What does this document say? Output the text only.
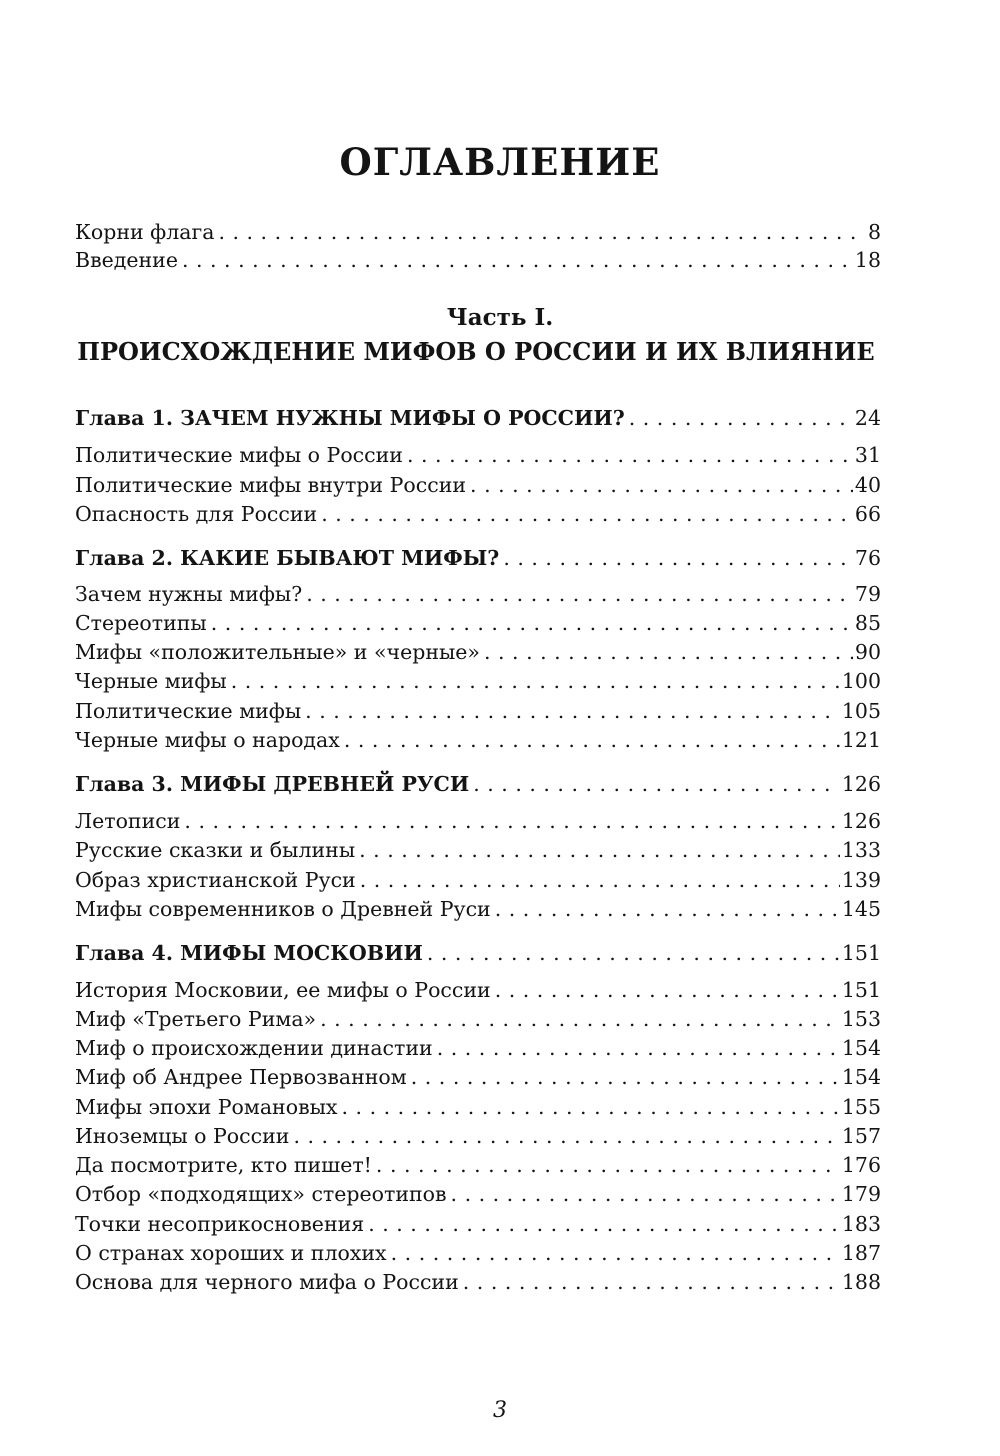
ОГЛАВЛЕНИЕ
Корни флага . . .	8
Введение . . .	18
Часть I.
ПРОИСХОЖДЕНИЕ МИФОВ О РОССИИ И ИХ ВЛИЯНИЕ
Глава 1. ЗАЧЕМ НУЖНЫ МИФЫ О РОССИИ? . . .	24
Политические мифы о России . . .	31
Политические мифы внутри России . . .	40
Опасность для России . . .	66
Глава 2. КАКИЕ БЫВАЮТ МИФЫ? . . .	76
Зачем нужны мифы? . . .	79
Стереотипы . . .	85
Мифы «положительные» и «черные» . . .	90
Черные мифы . . .	100
Политические мифы . . .	105
Черные мифы о народах . . .	121
Глава 3. МИФЫ ДРЕВНЕЙ РУСИ . . .	126
Летописи . . .	126
Русские сказки и былины . . .	133
Образ христианской Руси . . .	139
Мифы современников о Древней Руси . . .	145
Глава 4. МИФЫ МОСКОВИИ . . .	151
История Московии, ее мифы о России . . .	151
Миф «Третьего Рима» . . .	153
Миф о происхождении династии . . .	154
Миф об Андрее Первозванном . . .	154
Мифы эпохи Романовых . . .	155
Иноземцы о России . . .	157
Да посмотрите, кто пишет! . . .	176
Отбор «подходящих» стереотипов . . .	179
Точки несоприкосновения . . .	183
О странах хороших и плохих . . .	187
Основа для черного мифа о России . . .	188

3
